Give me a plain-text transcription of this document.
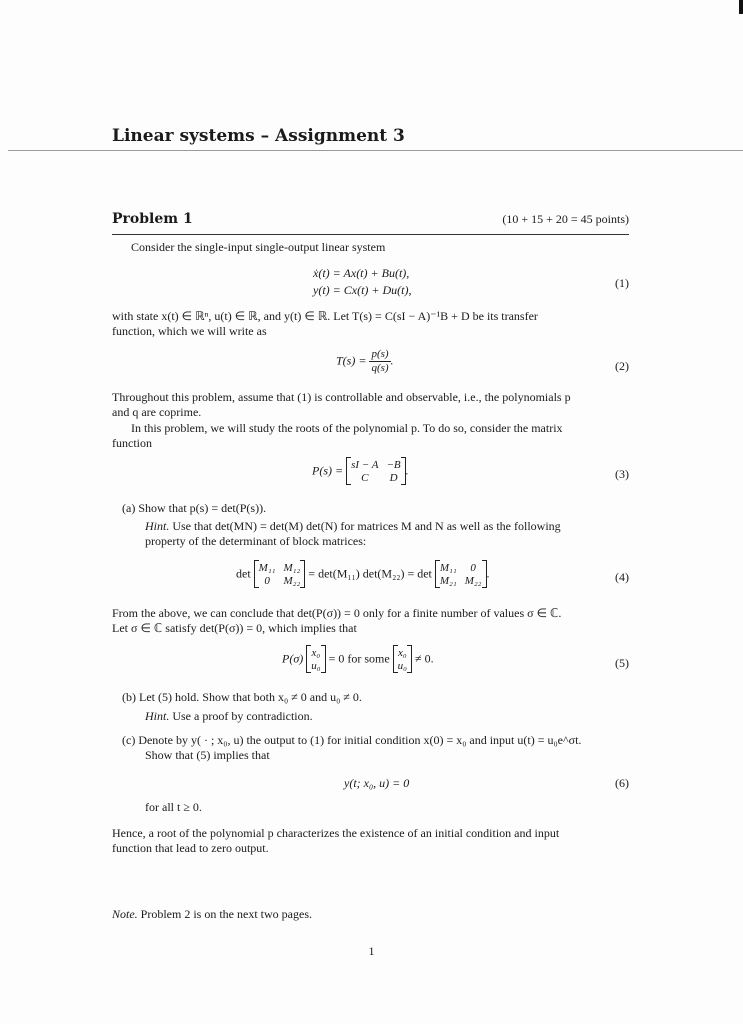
Linear systems – Assignment 3
Problem 1	(10 + 15 + 20 = 45 points)
Consider the single-input single-output linear system
ẋ(t) = Ax(t) + Bu(t),
y(t) = Cx(t) + Du(t),	(1)
with state x(t) ∈ ℝⁿ, u(t) ∈ ℝ, and y(t) ∈ ℝ. Let T(s) = C(sI − A)⁻¹B + D be its transfer
function, which we will write as
$T(s) = \frac{p(s)}{q(s)}$ .	(2)
Throughout this problem, assume that (1) is controllable and observable, i.e., the polynomials p
and q are coprime.
In this problem, we will study the roots of the polynomial p. To do so, consider the matrix
function
P(s) = sI − A −B
C	D
.	(3)
(a) Show that p(s) = det(P(s)).
Hint. Use that det(MN) = det(M) det(N) for matrices M and N as well as the following
property of the determinant of block matrices:
det M₁₁ M₁₂
0	M₂₂
= det(M₁₁) det(M₂₂) = det M₁₁	0
M₂₁ M₂₂
.	(4)
From the above, we can conclude that det(P(σ)) = 0 only for a finite number of values σ ∈ ℂ.
Let σ ∈ ℂ satisfy det(P(σ)) = 0, which implies that
P(σ) x₀
u₀
= 0 for some x₀
u₀
≠ 0.	(5)
(b) Let (5) hold. Show that both x₀ ≠ 0 and u₀ ≠ 0.
Hint. Use a proof by contradiction.
(c) Denote by y( · ; x₀, u) the output to (1) for initial condition x(0) = x₀ and input u(t) = u₀e^σt.
Show that (5) implies that
y(t; x₀, u) = 0	(6)
for all t ≥ 0.
Hence, a root of the polynomial p characterizes the existence of an initial condition and input
function that lead to zero output.
Note. Problem 2 is on the next two pages.
1
